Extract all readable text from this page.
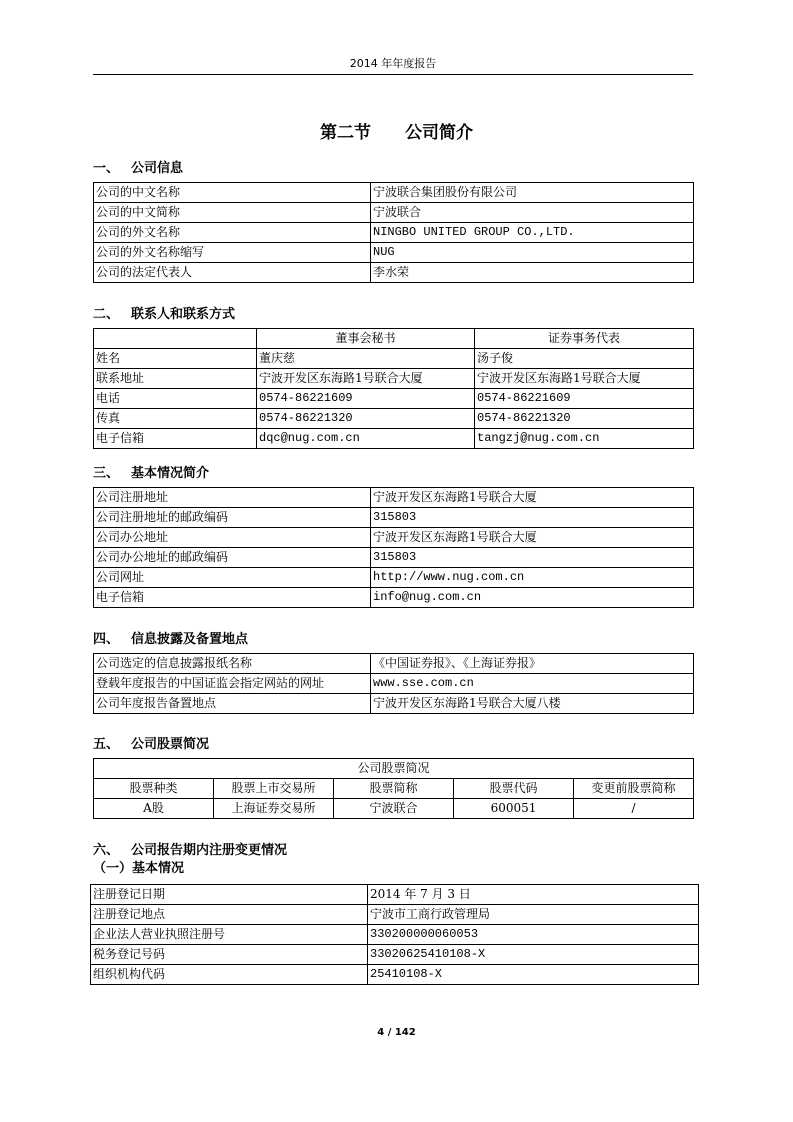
2014 年年度报告
第二节　　公司简介
一、 公司信息
公司的中文名称	宁波联合集团股份有限公司
公司的中文简称	宁波联合
公司的外文名称	NINGBO UNITED GROUP CO.,LTD.
公司的外文名称缩写	NUG
公司的法定代表人	李水荣
二、 联系人和联系方式
	董事会秘书	证券事务代表
姓名	董庆慈	汤子俊
联系地址	宁波开发区东海路1号联合大厦	宁波开发区东海路1号联合大厦
电话	0574-86221609	0574-86221609
传真	0574-86221320	0574-86221320
电子信箱	dqc@nug.com.cn	tangzj@nug.com.cn
三、 基本情况简介
公司注册地址	宁波开发区东海路1号联合大厦
公司注册地址的邮政编码	315803
公司办公地址	宁波开发区东海路1号联合大厦
公司办公地址的邮政编码	315803
公司网址	http://www.nug.com.cn
电子信箱	info@nug.com.cn
四、 信息披露及备置地点
公司选定的信息披露报纸名称	《中国证券报》、《上海证券报》
登载年度报告的中国证监会指定网站的网址	www.sse.com.cn
公司年度报告备置地点	宁波开发区东海路1号联合大厦八楼
五、 公司股票简况
公司股票简况				
股票种类	股票上市交易所	股票简称	股票代码	变更前股票简称
A股	上海证券交易所	宁波联合	600051	/
六、 公司报告期内注册变更情况
（一）基本情况
注册登记日期	2014 年 7 月 3 日
注册登记地点	宁波市工商行政管理局
企业法人营业执照注册号	330200000060053
税务登记号码	33020625410108-X
组织机构代码	25410108-X
4 / 142
